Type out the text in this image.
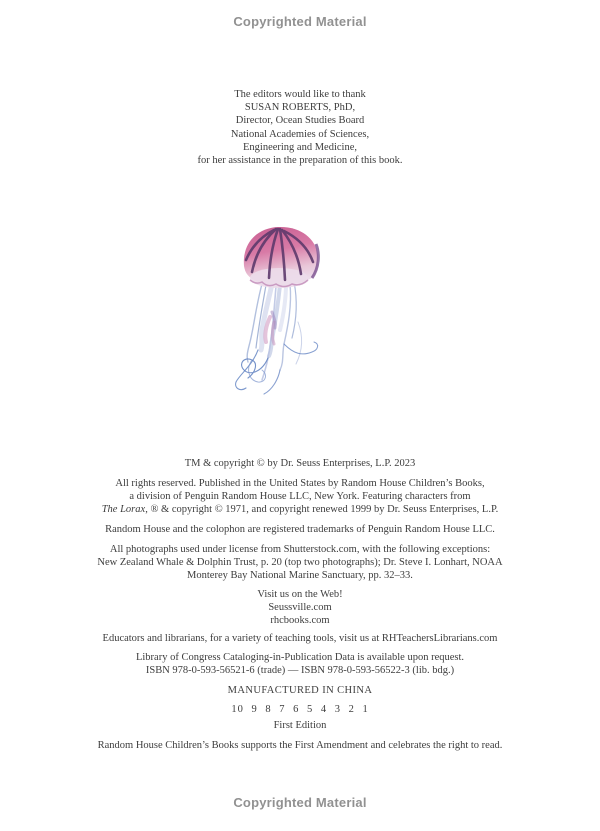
Copyrighted Material
The editors would like to thank
SUSAN ROBERTS, PhD,
Director, Ocean Studies Board
National Academies of Sciences,
Engineering and Medicine,
for her assistance in the preparation of this book.
TM & copyright © by Dr. Seuss Enterprises, L.P. 2023
All rights reserved. Published in the United States by Random House Children’s Books,
a division of Penguin Random House LLC, New York. Featuring characters from
The Lorax, ® & copyright © 1971, and copyright renewed 1999 by Dr. Seuss Enterprises, L.P.
Random House and the colophon are registered trademarks of Penguin Random House LLC.
All photographs used under license from Shutterstock.com, with the following exceptions:
New Zealand Whale & Dolphin Trust, p. 20 (top two photographs); Dr. Steve I. Lonhart, NOAA
Monterey Bay National Marine Sanctuary, pp. 32–33.
Visit us on the Web!
Seussville.com
rhcbooks.com
Educators and librarians, for a variety of teaching tools, visit us at RHTeachersLibrarians.com
Library of Congress Cataloging-in-Publication Data is available upon request.
ISBN 978-0-593-56521-6 (trade) — ISBN 978-0-593-56522-3 (lib. bdg.)
MANUFACTURED IN CHINA
10 9 8 7 6 5 4 3 2 1
First Edition
Random House Children’s Books supports the First Amendment and celebrates the right to read.
Copyrighted Material
